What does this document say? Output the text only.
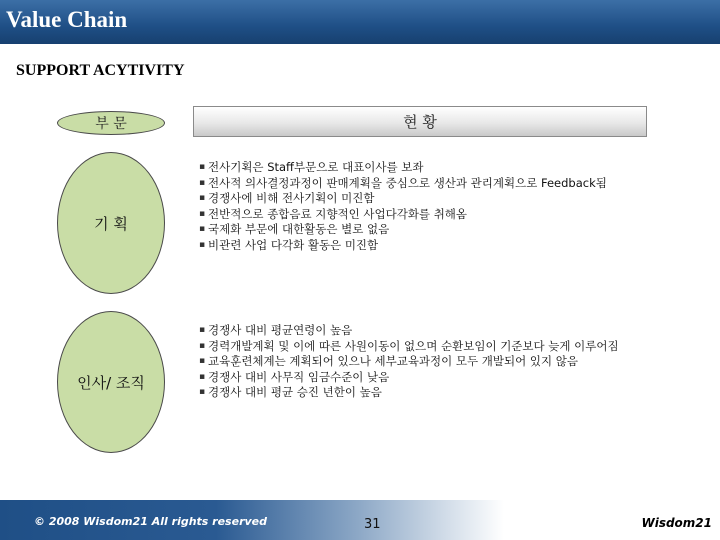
Value Chain
SUPPORT ACYTIVITY
부 문	현 황
기 획
▪ 전사기획은 Staff부문으로 대표이사를 보좌
▪ 전사적 의사결정과정이 판매계획을 중심으로 생산과 관리계획으로 Feedback됨
▪ 경쟁사에 비해 전사기획이 미진함
▪ 전반적으로 종합음료 지향적인 사업다각화를 취해옴
▪ 국제화 부문에 대한활동은 별로 없음
▪ 비관련 사업 다각화 활동은 미진함
인사/ 조직
▪ 경쟁사 대비 평균연령이 높음
▪ 경력개발계획 및 이에 따른 사원이동이 없으며 순환보임이 기준보다 늦게 이루어짐
▪ 교육훈련체계는 계획되어 있으나 세부교육과정이 모두 개발되어 있지 않음
▪ 경쟁사 대비 사무직 임금수준이 낮음
▪ 경쟁사 대비 평균 승진 년한이 높음
© 2008 Wisdom21 All rights reserved	31	Wisdom21
